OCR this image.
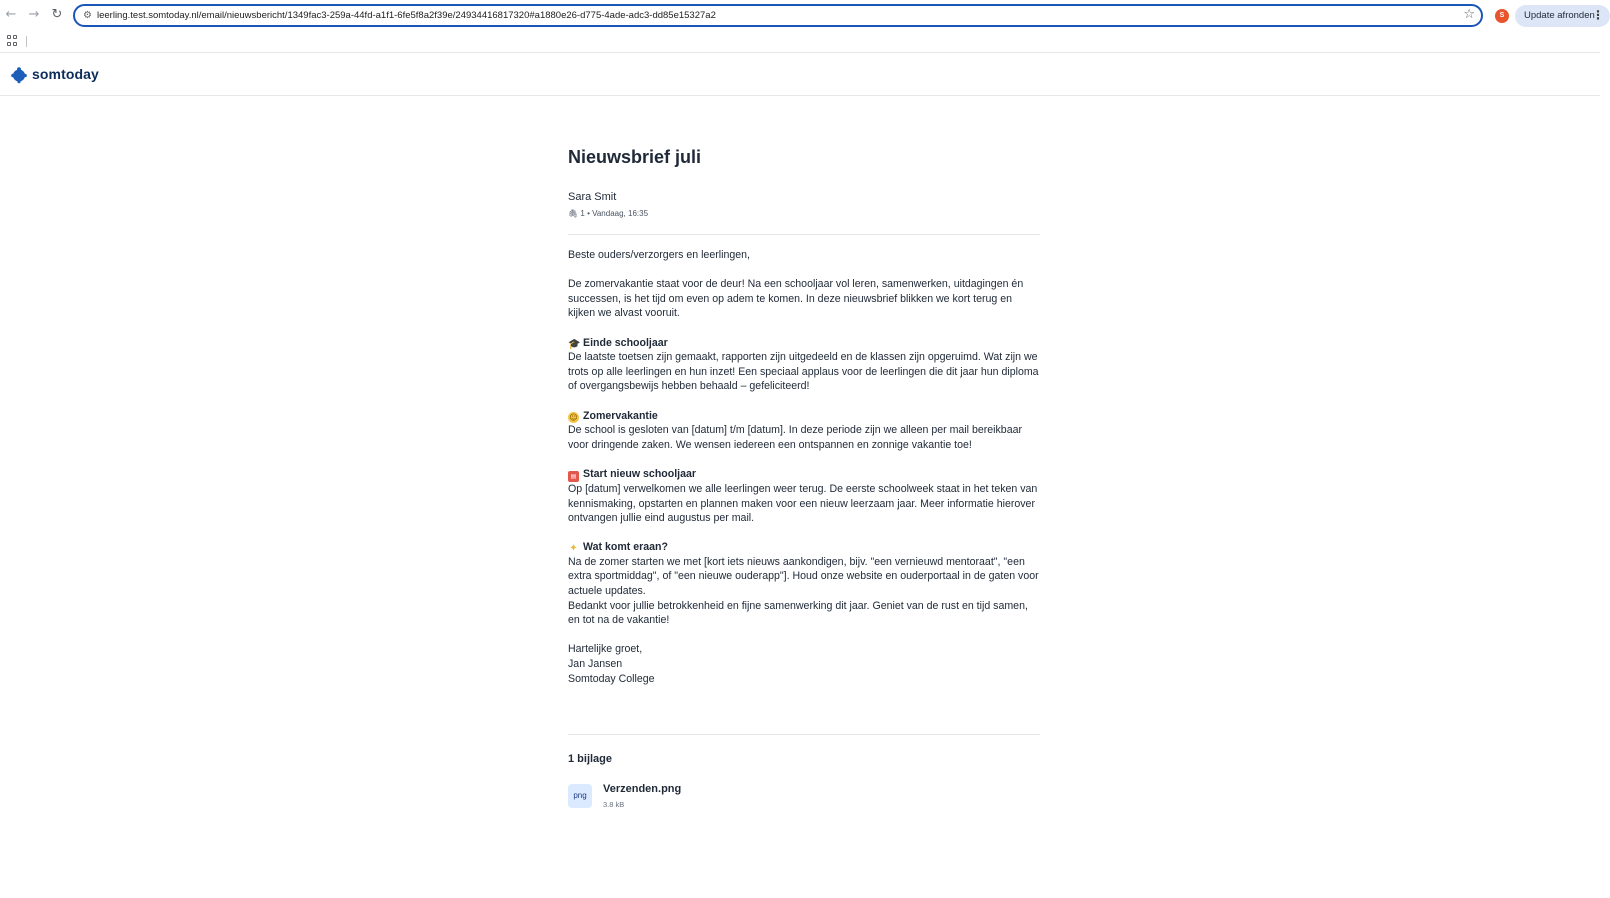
← → ↻	⚙ leerling.test.somtoday.nl/email/nieuwsbericht/1349fac3-259a-44fd-a1f1-6fe5f8a2f39e/24934416817320#a1880e26-d775-4ade-adc3-dd85e15327a2	☆	S	Update afronden
⋮
somtoday
Nieuwsbrief juli
Sara Smit
🖇 1 • Vandaag, 16:35

Beste ouders/verzorgers en leerlingen,

De zomervakantie staat voor de deur! Na een schooljaar vol leren, samenwerken, uitdagingen én successen, is het tijd om even op adem te komen. In deze nieuwsbrief blikken we kort terug en kijken we alvast vooruit.

🎓 Einde schooljaar
De laatste toetsen zijn gemaakt, rapporten zijn uitgedeeld en de klassen zijn opgeruimd. Wat zijn we trots op alle leerlingen en hun inzet! Een speciaal applaus voor de leerlingen die dit jaar hun diploma of overgangsbewijs hebben behaald – gefeliciteerd!

☺ Zomervakantie
De school is gesloten van [datum] t/m [datum]. In deze periode zijn we alleen per mail bereikbaar voor dringende zaken. We wensen iedereen een ontspannen en zonnige vakantie toe!

▤ Start nieuw schooljaar
Op [datum] verwelkomen we alle leerlingen weer terug. De eerste schoolweek staat in het teken van kennismaking, opstarten en plannen maken voor een nieuw leerzaam jaar. Meer informatie hierover ontvangen jullie eind augustus per mail.

✦ Wat komt eraan?
Na de zomer starten we met [kort iets nieuws aankondigen, bijv. "een vernieuwd mentoraat", "een extra sportmiddag", of "een nieuwe ouderapp"]. Houd onze website en ouderportaal in de gaten voor actuele updates.
Bedankt voor jullie betrokkenheid en fijne samenwerking dit jaar. Geniet van de rust en tijd samen, en tot na de vakantie!

Hartelijke groet,
Jan Jansen
Somtoday College

1 bijlage
png
Verzenden.png
3.8 kB
